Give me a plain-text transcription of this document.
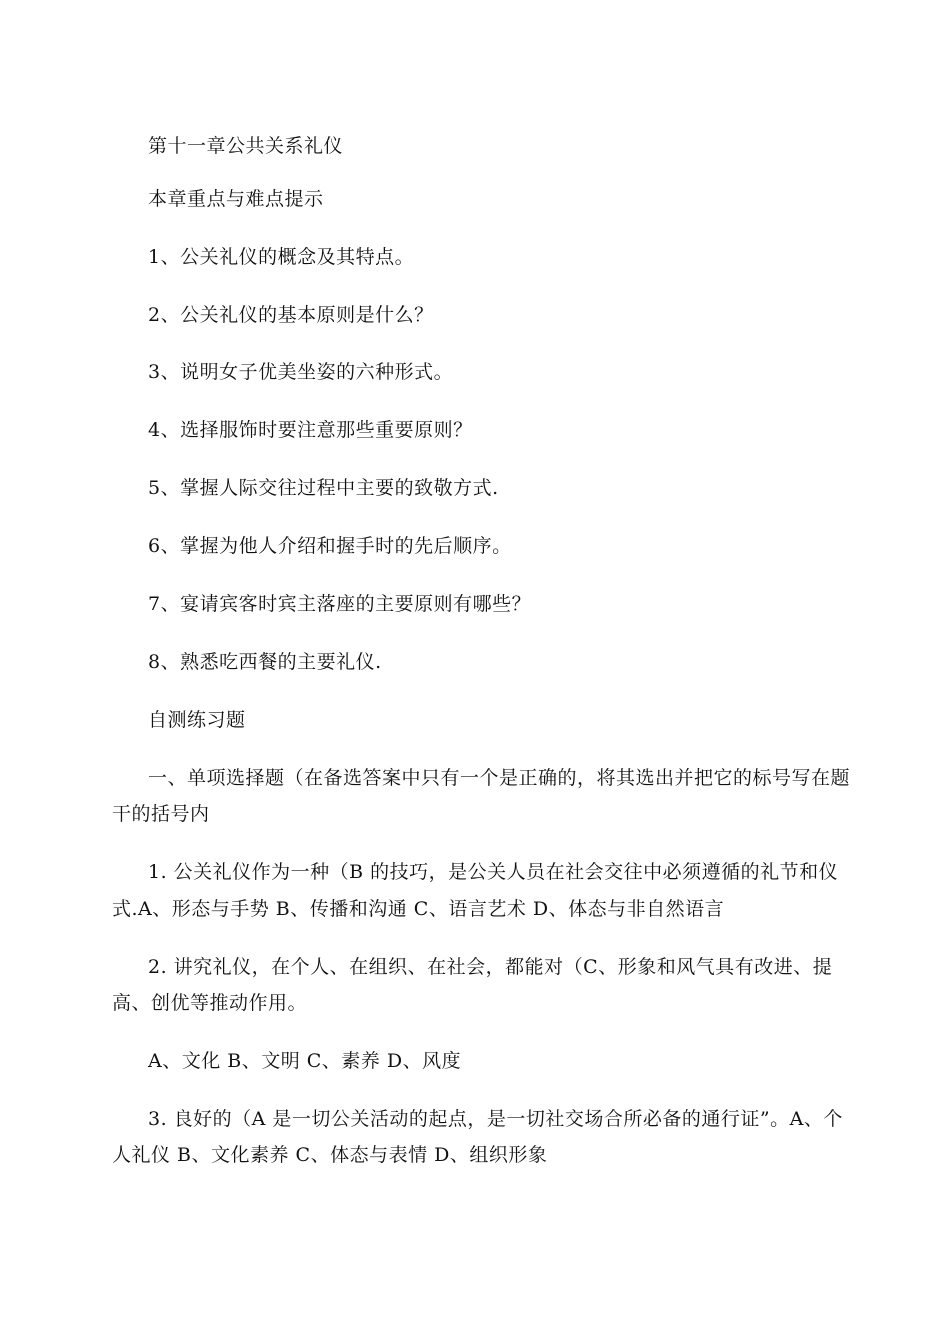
第十一章公共关系礼仪
本章重点与难点提示
1、公关礼仪的概念及其特点。
2、公关礼仪的基本原则是什么？
3、说明女子优美坐姿的六种形式。
4、选择服饰时要注意那些重要原则？
5、掌握人际交往过程中主要的致敬方式.
6、掌握为他人介绍和握手时的先后顺序。
7、宴请宾客时宾主落座的主要原则有哪些？
8、熟悉吃西餐的主要礼仪.
自测练习题
一、单项选择题（在备选答案中只有一个是正确的，将其选出并把它的标号写在题
干的括号内
1. 公关礼仪作为一种（B 的技巧，是公关人员在社会交往中必须遵循的礼节和仪
式.A、形态与手势 B、传播和沟通 C、语言艺术 D、体态与非自然语言
2. 讲究礼仪，在个人、在组织、在社会，都能对（C、形象和风气具有改进、提
高、创优等推动作用。
A、文化 B、文明 C、素养 D、风度
3. 良好的（A 是一切公关活动的起点，是一切社交场合所必备的通行证”。A、个
人礼仪 B、文化素养 C、体态与表情 D、组织形象
